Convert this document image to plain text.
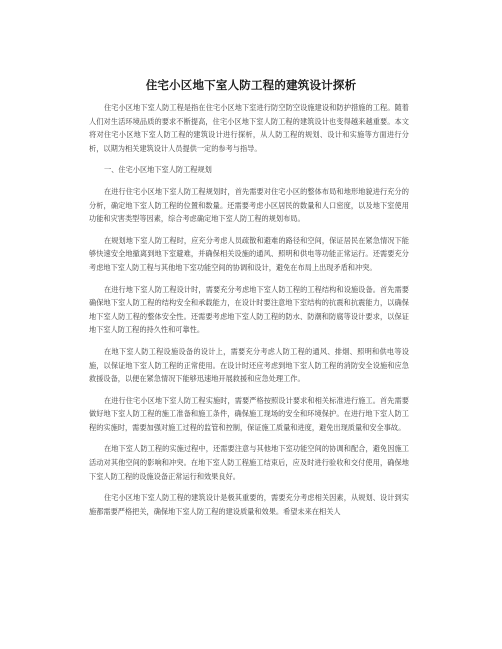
住宅小区地下室人防工程的建筑设计探析

住宅小区地下室人防工程是指在住宅小区地下室进行防空防空设施建设和防护措施的工程。随着人们对生活环境品质的要求不断提高，住宅小区地下室人防工程的建筑设计也变得越来越重要。本文将对住宅小区地下室人防工程的建筑设计进行探析，从人防工程的规划、设计和实施等方面进行分析，以期为相关建筑设计人员提供一定的参考与指导。

一、住宅小区地下室人防工程规划

在进行住宅小区地下室人防工程规划时，首先需要对住宅小区的整体布局和地形地貌进行充分的分析，确定地下室人防工程的位置和数量。还需要考虑小区居民的数量和人口密度，以及地下室使用功能和灾害类型等因素，综合考虑确定地下室人防工程的规划布局。

在规划地下室人防工程时，应充分考虑人员疏散和避难的路径和空间，保证居民在紧急情况下能够快速安全地撤离到地下室避难，并确保相关设施的通风、照明和供电等功能正常运行。还需要充分考虑地下室人防工程与其他地下室功能空间的协调和设计，避免在布局上出现矛盾和冲突。

在进行地下室人防工程设计时，需要充分考虑地下室人防工程的工程结构和设施设备。首先需要确保地下室人防工程的结构安全和承载能力，在设计时要注意地下室结构的抗震和抗震能力，以确保地下室人防工程的整体安全性。还需要考虑地下室人防工程的防水、防潮和防腐等设计要求，以保证地下室人防工程的持久性和可靠性。

在地下室人防工程设施设备的设计上，需要充分考虑人防工程的通风、排烟、照明和供电等设施，以保证地下室人防工程的正常使用。在设计时还应考虑到地下室人防工程的消防安全设施和应急救援设备，以便在紧急情况下能够迅速地开展救援和应急处理工作。

在进行住宅小区地下室人防工程实施时，需要严格按照设计要求和相关标准进行施工。首先需要做好地下室人防工程的施工准备和施工条件，确保施工现场的安全和环境保护。在进行地下室人防工程的实施时，需要加强对施工过程的监管和控制，保证施工质量和进度，避免出现质量和安全事故。

在地下室人防工程的实施过程中，还需要注意与其他地下室功能空间的协调和配合，避免因施工活动对其他空间的影响和冲突。在地下室人防工程施工结束后，应及时进行验收和交付使用，确保地下室人防工程的设施设备正常运行和效果良好。

住宅小区地下室人防工程的建筑设计是极其重要的，需要充分考虑相关因素，从规划、设计到实施都需要严格把关，确保地下室人防工程的建设质量和效果。希望未来在相关人
